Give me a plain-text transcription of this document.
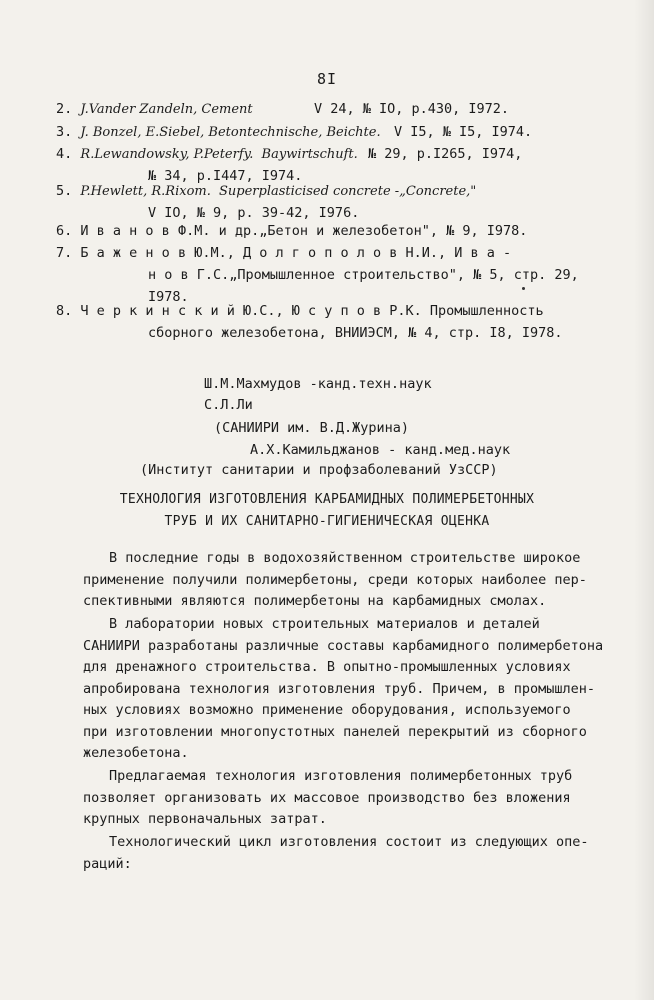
8I
2. J.Vander Zandeln, Cement	V 24, № IO, p.430, I972.
3. J. Bonzel, E.Siebel, Betontechnische, Beichte. V I5, № I5, I974.
4. R.Lewandowsky, P.Peterfy. Baywirtschuft. № 29, p.I265, I974,
№ 34, p.I447, I974.
5. P.Hewlett, R.Rixom. Superplasticised concrete -„Concrete,"
V IO, № 9, p. 39-42, I976.
6. И в а н о в Ф.М. и др.„Бетон и железобетон", № 9, I978.
7. Б а ж е н о в Ю.М., Д о л г о п о л о в Н.И., И в а -
н о в Г.С.„Промышленное строительство", № 5, стр. 29,
I978.
8. Ч е р к и н с к и й Ю.С., Ю с у п о в Р.К. Промышленность
сборного железобетона, ВНИИЭСМ, № 4, стр. I8, I978.
Ш.М.Махмудов -канд.техн.наук
С.Л.Ли
(САНИИРИ им. В.Д.Журина)
А.Х.Камильджанов - канд.мед.наук
(Институт санитарии и профзаболеваний УзССР)
ТЕХНОЛОГИЯ ИЗГОТОВЛЕНИЯ КАРБАМИДНЫХ ПОЛИМЕРБЕТОННЫХ
ТРУБ И ИХ САНИТАРНО-ГИГИЕНИЧЕСКАЯ ОЦЕНКА
В последние годы в водохозяйственном строительстве широкое
применение получили полимербетоны, среди которых наиболее пер-
спективными являются полимербетоны на карбамидных смолах.
В лаборатории новых строительных материалов и деталей
САНИИРИ разработаны различные составы карбамидного полимербетона
для дренажного строительства. В опытно-промышленных условиях
апробирована технология изготовления труб. Причем, в промышлен-
ных условиях возможно применение оборудования, используемого
при изготовлении многопустотных панелей перекрытий из сборного
железобетона.
Предлагаемая технология изготовления полимербетонных труб
позволяет организовать их массовое производство без вложения
крупных первоначальных затрат.
Технологический цикл изготовления состоит из следующих опе-
раций:
